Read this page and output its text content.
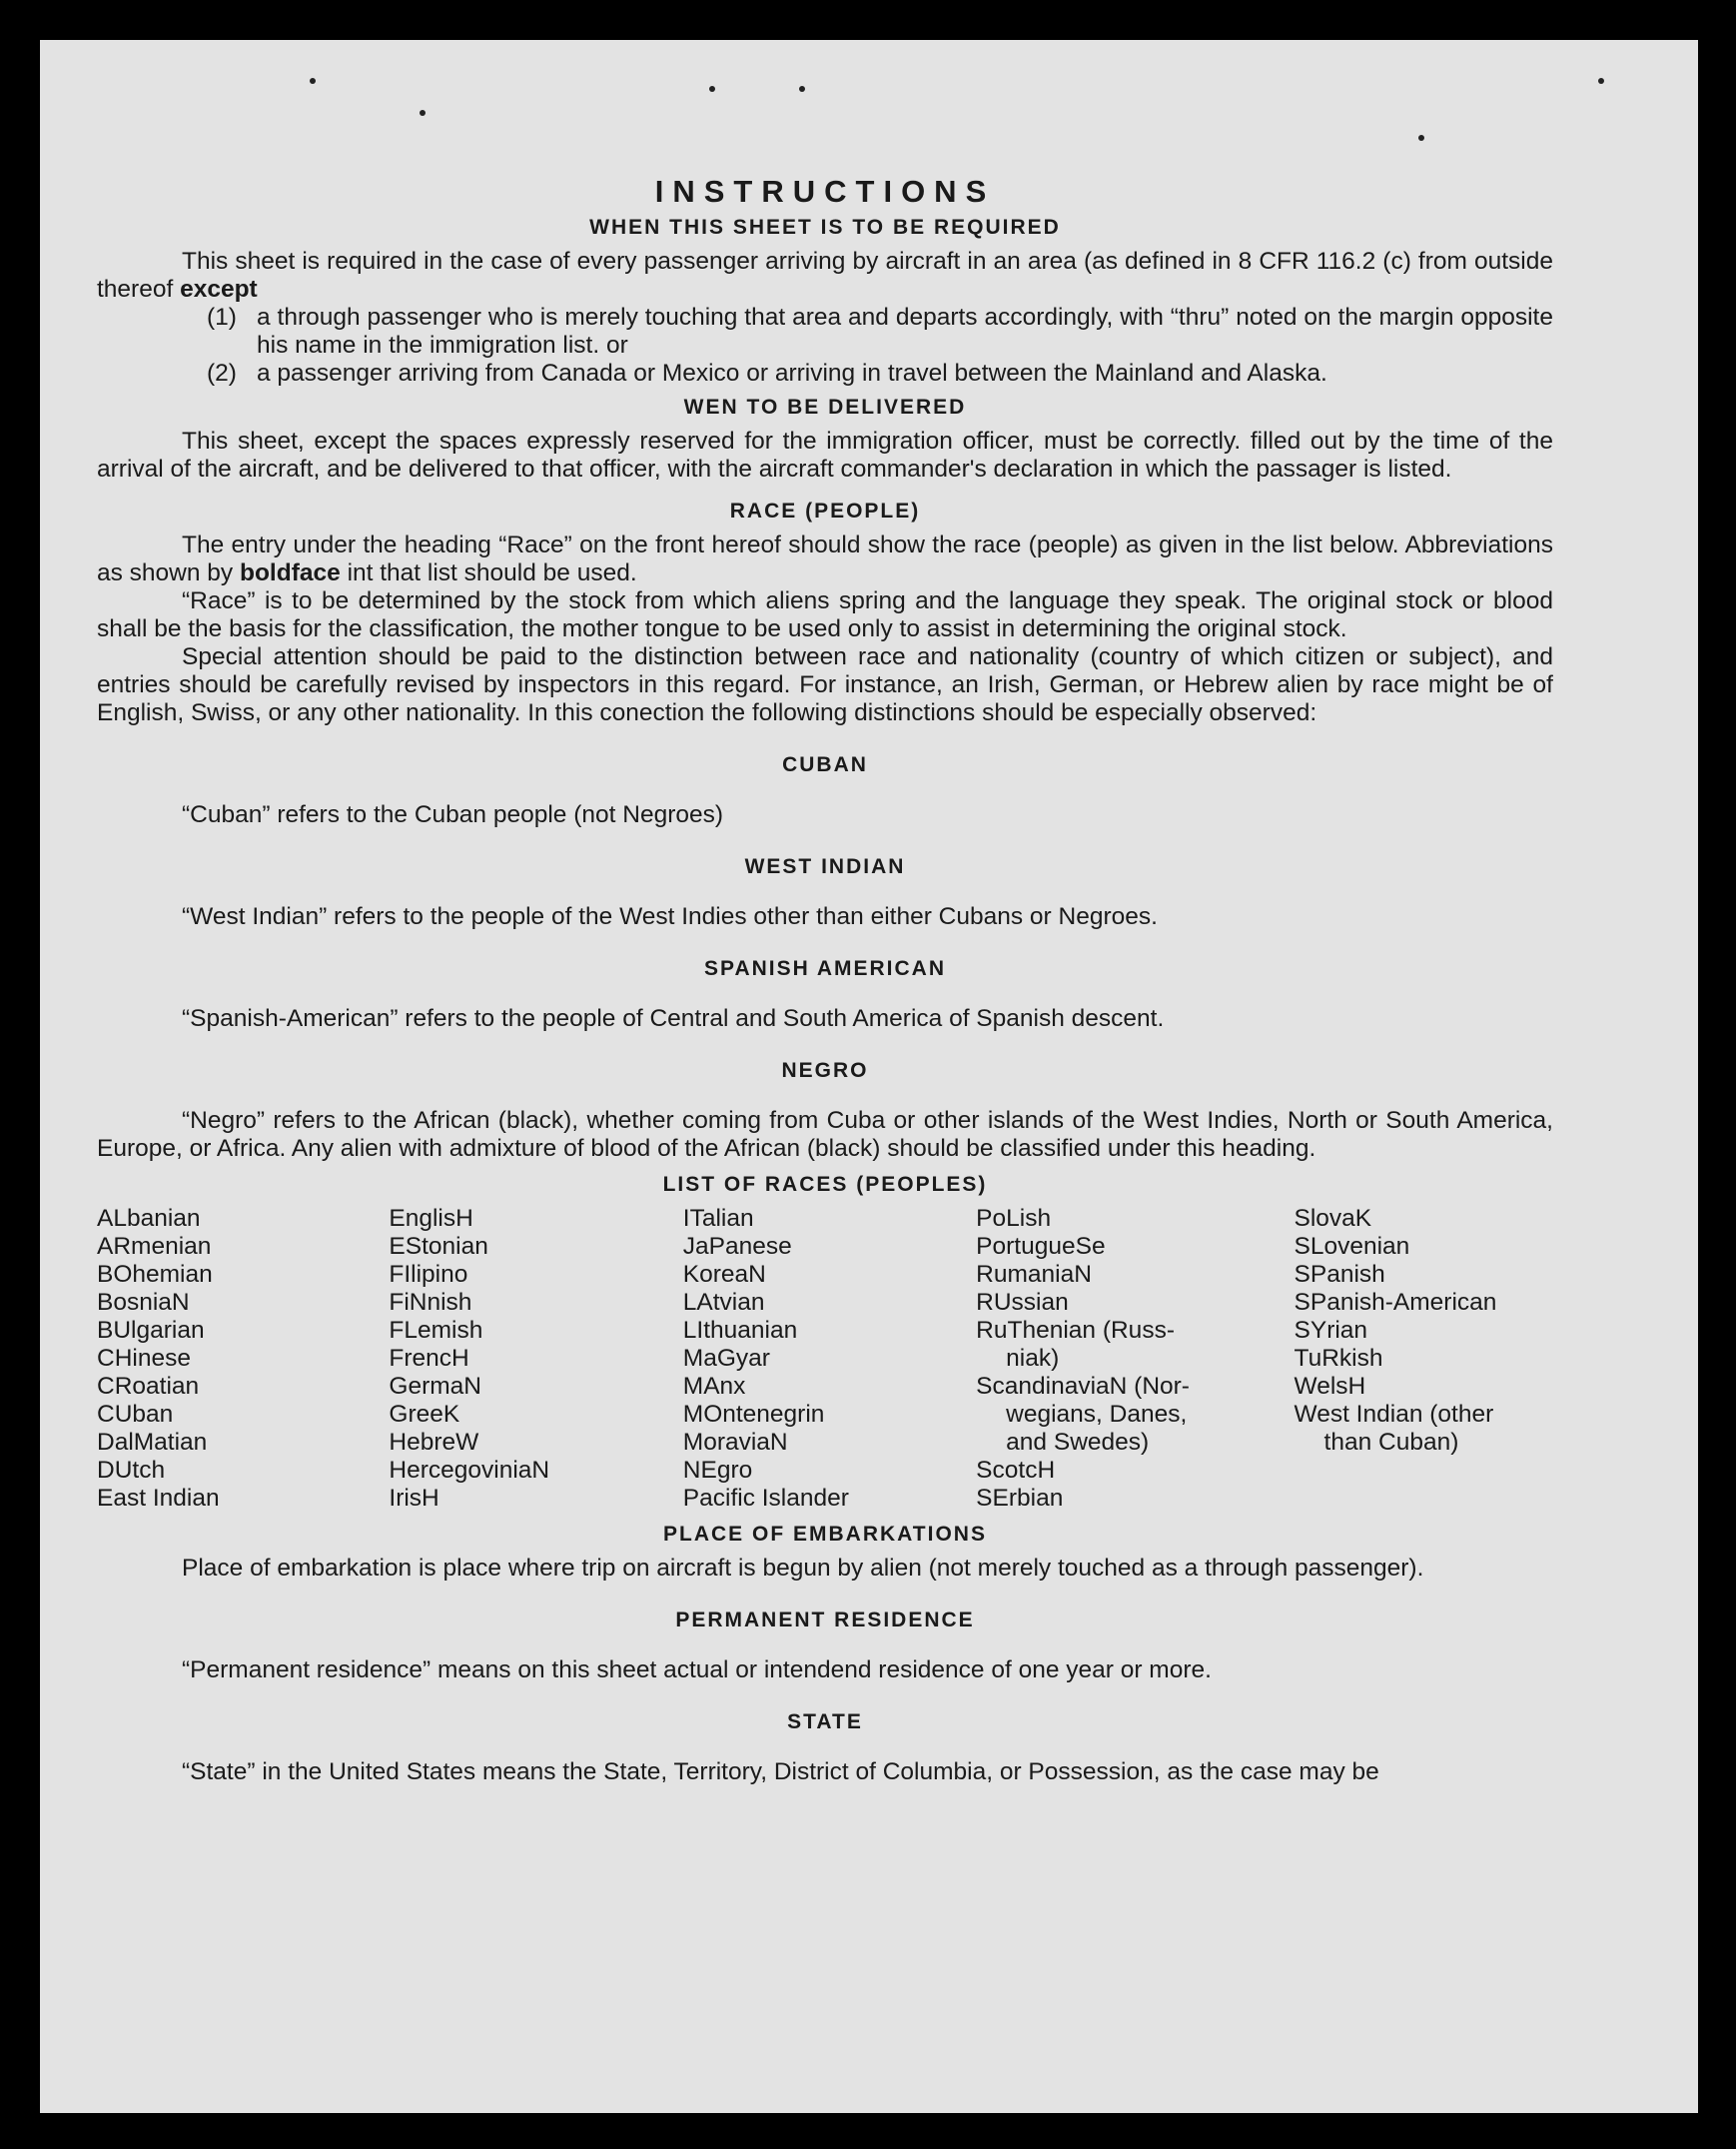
INSTRUCTIONS
WHEN THIS SHEET IS TO BE REQUIRED

This sheet is required in the case of every passenger arriving by aircraft in an area (as defined in 8 CFR 116.2 (c) from outside thereof except

(1) a through passenger who is merely touching that area and departs accordingly, with “thru” noted on the margin opposite his name in the immigration list. or
(2) a passenger arriving from Canada or Mexico or arriving in travel between the Mainland and Alaska.
WEN TO BE DELIVERED

This sheet, except the spaces expressly reserved for the immigration officer, must be correctly. filled out by the time of the arrival of the aircraft, and be delivered to that officer, with the aircraft commander's declaration in which the passager is listed.

RACE (PEOPLE)

The entry under the heading “Race” on the front hereof should show the race (people) as given in the list below. Abbreviations as shown by boldface int that list should be used.

“Race” is to be determined by the stock from which aliens spring and the language they speak. The original stock or blood shall be the basis for the classification, the mother tongue to be used only to assist in determining the original stock.

Special attention should be paid to the distinction between race and nationality (country of which citizen or subject), and entries should be carefully revised by inspectors in this regard. For instance, an Irish, German, or Hebrew alien by race might be of English, Swiss, or any other nationality. In this conection the following distinctions should be especially observed:

CUBAN

“Cuban” refers to the Cuban people (not Negroes)

WEST INDIAN

“West Indian” refers to the people of the West Indies other than either Cubans or Negroes.

SPANISH AMERICAN

“Spanish-American” refers to the people of Central and South America of Spanish descent.

NEGRO

“Negro” refers to the African (black), whether coming from Cuba or other islands of the West Indies, North or South America, Europe, or Africa. Any alien with admixture of blood of the African (black) should be classified under this heading.

LIST OF RACES (PEOPLES)
ALbanian
ARmenian
BOhemian
BosniaN
BUlgarian
CHinese
CRoatian
CUban
DalMatian
DUtch
East Indian
EnglisH
EStonian
FIlipino
FiNnish
FLemish
FrencH
GermaN
GreeK
HebreW
HercegoviniaN
IrisH
ITalian
JaPanese
KoreaN
LAtvian
LIthuanian
MaGyar
MAnx
MOntenegrin
MoraviaN
NEgro
Pacific Islander
PoLish
PortugueSe
RumaniaN
RUssian
RuThenian (Russ-
niak)
ScandinaviaN (Nor-
wegians, Danes,
and Swedes)
ScotcH
SErbian
SlovaK
SLovenian
SPanish
SPanish-American
SYrian
TuRkish
WelsH
West Indian (other
than Cuban)
PLACE OF EMBARKATIONS

Place of embarkation is place where trip on aircraft is begun by alien (not merely touched as a through passenger).

PERMANENT RESIDENCE

“Permanent residence” means on this sheet actual or intendend residence of one year or more.

STATE

“State” in the United States means the State, Territory, District of Columbia, or Possession, as the case may be
